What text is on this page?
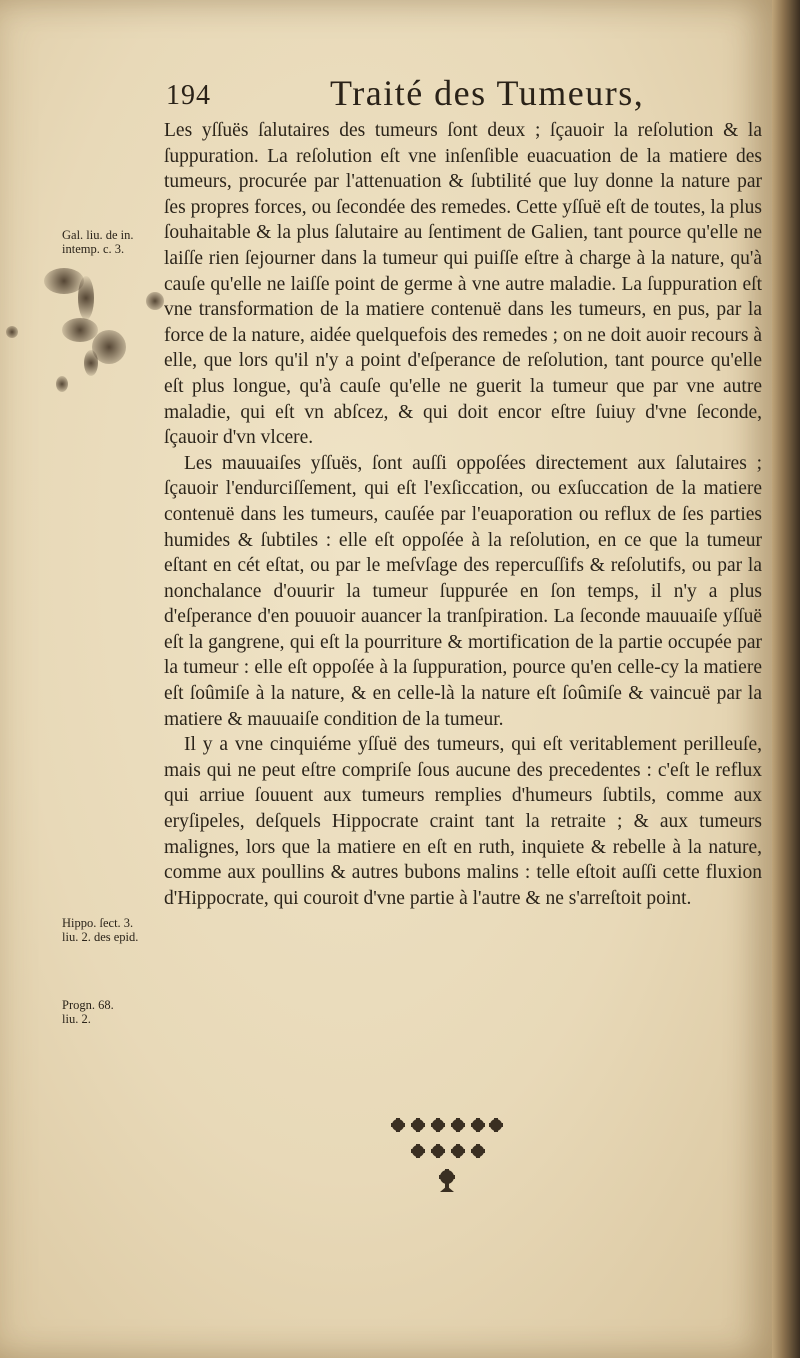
194	Traité des Tumeurs,

Les yſſuës ſalutaires des tumeurs ſont deux ; ſçauoir la reſolution & la ſuppuration. La reſolution eſt vne inſenſible euacuation de la matiere des tumeurs, procurée par l'attenuation & ſubtilité que luy donne la nature par ſes propres forces, ou ſecondée des remedes. Cette yſſuë eſt de toutes, la plus ſouhaitable & la plus ſalutaire au ſentiment de Galien, tant pource qu'elle ne laiſſe rien ſejourner dans la tumeur qui puiſſe eſtre à charge à la nature, qu'à cauſe qu'elle ne laiſſe point de germe à vne autre maladie. La ſuppuration eſt vne transformation de la matiere contenuë dans les tumeurs, en pus, par la force de la nature, aidée quelquefois des remedes ; on ne doit auoir recours à elle, que lors qu'il n'y a point d'eſperance de reſolution, tant pource qu'elle eſt plus longue, qu'à cauſe qu'elle ne guerit la tumeur que par vne autre maladie, qui eſt vn abſcez, & qui doit encor eſtre ſuiuy d'vne ſeconde, ſçauoir d'vn vlcere.

Les mauuaiſes yſſuës, ſont auſſi oppoſées directement aux ſalutaires ; ſçauoir l'endurciſſement, qui eſt l'exſiccation, ou exſuccation de la matiere contenuë dans les tumeurs, cauſée par l'euaporation ou reflux de ſes parties humides & ſubtiles : elle eſt oppoſée à la reſolution, en ce que la tumeur eſtant en cét eſtat, ou par le meſvſage des repercuſſifs & reſolutifs, ou par la nonchalance d'ouurir la tumeur ſuppurée en ſon temps, il n'y a plus d'eſperance d'en pouuoir auancer la tranſpiration. La ſeconde mauuaiſe yſſuë eſt la gangrene, qui eſt la pourriture & mortification de la partie occupée par la tumeur : elle eſt oppoſée à la ſuppuration, pource qu'en celle-cy la matiere eſt ſoûmiſe à la nature, & en celle-là la nature eſt ſoûmiſe & vaincuë par la matiere & mauuaiſe condition de la tumeur.

Il y a vne cinquiéme yſſuë des tumeurs, qui eſt veritablement perilleuſe, mais qui ne peut eſtre compriſe ſous aucune des precedentes : c'eſt le reflux qui arriue ſouuent aux tumeurs remplies d'humeurs ſubtils, comme aux eryſipeles, deſquels Hippocrate craint tant la retraite ; & aux tumeurs malignes, lors que la matiere en eſt en ruth, inquiete & rebelle à la nature, comme aux poullins & autres bubons malins : telle eſtoit auſſi cette fluxion d'Hippocrate, qui couroit d'vne partie à l'autre & ne s'arreſtoit point.

Gal. liu. de in.
intemp. c. 3.
Hippo. ſect. 3.
liu. 2. des epid.
Progn. 68.
liu. 2.
